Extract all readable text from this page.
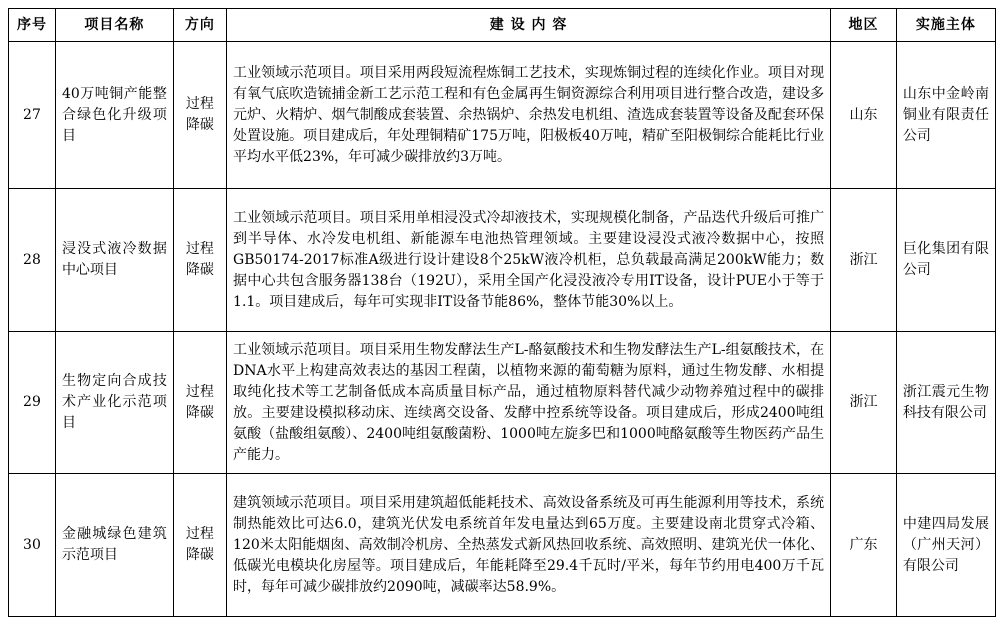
序号	项目名称	方向	建 设 内 容	地区	实施主体
27	40万吨铜产能整合绿色化升级项目	过程降碳	工业领域示范项目。项目采用两段短流程炼铜工艺技术，实现炼铜过程的连续化作业。项目对现有氧气底吹造锍捕金新工艺示范工程和有色金属再生铜资源综合利用项目进行整合改造，建设多元炉、火精炉、烟气制酸成套装置、余热锅炉、余热发电机组、渣选成套装置等设备及配套环保处置设施。项目建成后，年处理铜精矿175万吨，阳极板40万吨，精矿至阳极铜综合能耗比行业平均水平低23%，年可减少碳排放约3万吨。	山东	山东中金岭南铜业有限责任公司
28	浸没式液冷数据中心项目	过程降碳	工业领域示范项目。项目采用单相浸没式冷却液技术，实现规模化制备，产品迭代升级后可推广到半导体、水冷发电机组、新能源车电池热管理领域。主要建设浸没式液冷数据中心，按照GB50174-2017标准A级进行设计建设8个25kW液冷机柜，总负载最高满足200kW能力；数据中心共包含服务器138台（192U），采用全国产化浸没液冷专用IT设备，设计PUE小于等于1.1。项目建成后，每年可实现非IT设备节能86%，整体节能30%以上。	浙江	巨化集团有限公司
29	生物定向合成技术产业化示范项目	过程降碳	工业领域示范项目。项目采用生物发酵法生产L-酪氨酸技术和生物发酵法生产L-组氨酸技术，在DNA水平上构建高效表达的基因工程菌，以植物来源的葡萄糖为原料，通过生物发酵、水相提取纯化技术等工艺制备低成本高质量目标产品，通过植物原料替代减少动物养殖过程中的碳排放。主要建设模拟移动床、连续离交设备、发酵中控系统等设备。项目建成后，形成2400吨组氨酸（盐酸组氨酸）、2400吨组氨酸菌粉、1000吨左旋多巴和1000吨酪氨酸等生物医药产品生产能力。	浙江	浙江震元生物科技有限公司
30	金融城绿色建筑示范项目	过程降碳	建筑领域示范项目。项目采用建筑超低能耗技术、高效设备系统及可再生能源利用等技术，系统制热能效比可达6.0，建筑光伏发电系统首年发电量达到65万度。主要建设南北贯穿式冷箱、120米太阳能烟囱、高效制冷机房、全热蒸发式新风热回收系统、高效照明、建筑光伏一体化、低碳光电模块化房屋等。项目建成后，年能耗降至29.4千瓦时/平米，每年节约用电400万千瓦时，每年可减少碳排放约2090吨，减碳率达58.9%。	广东	中建四局发展（广州天河）有限公司
